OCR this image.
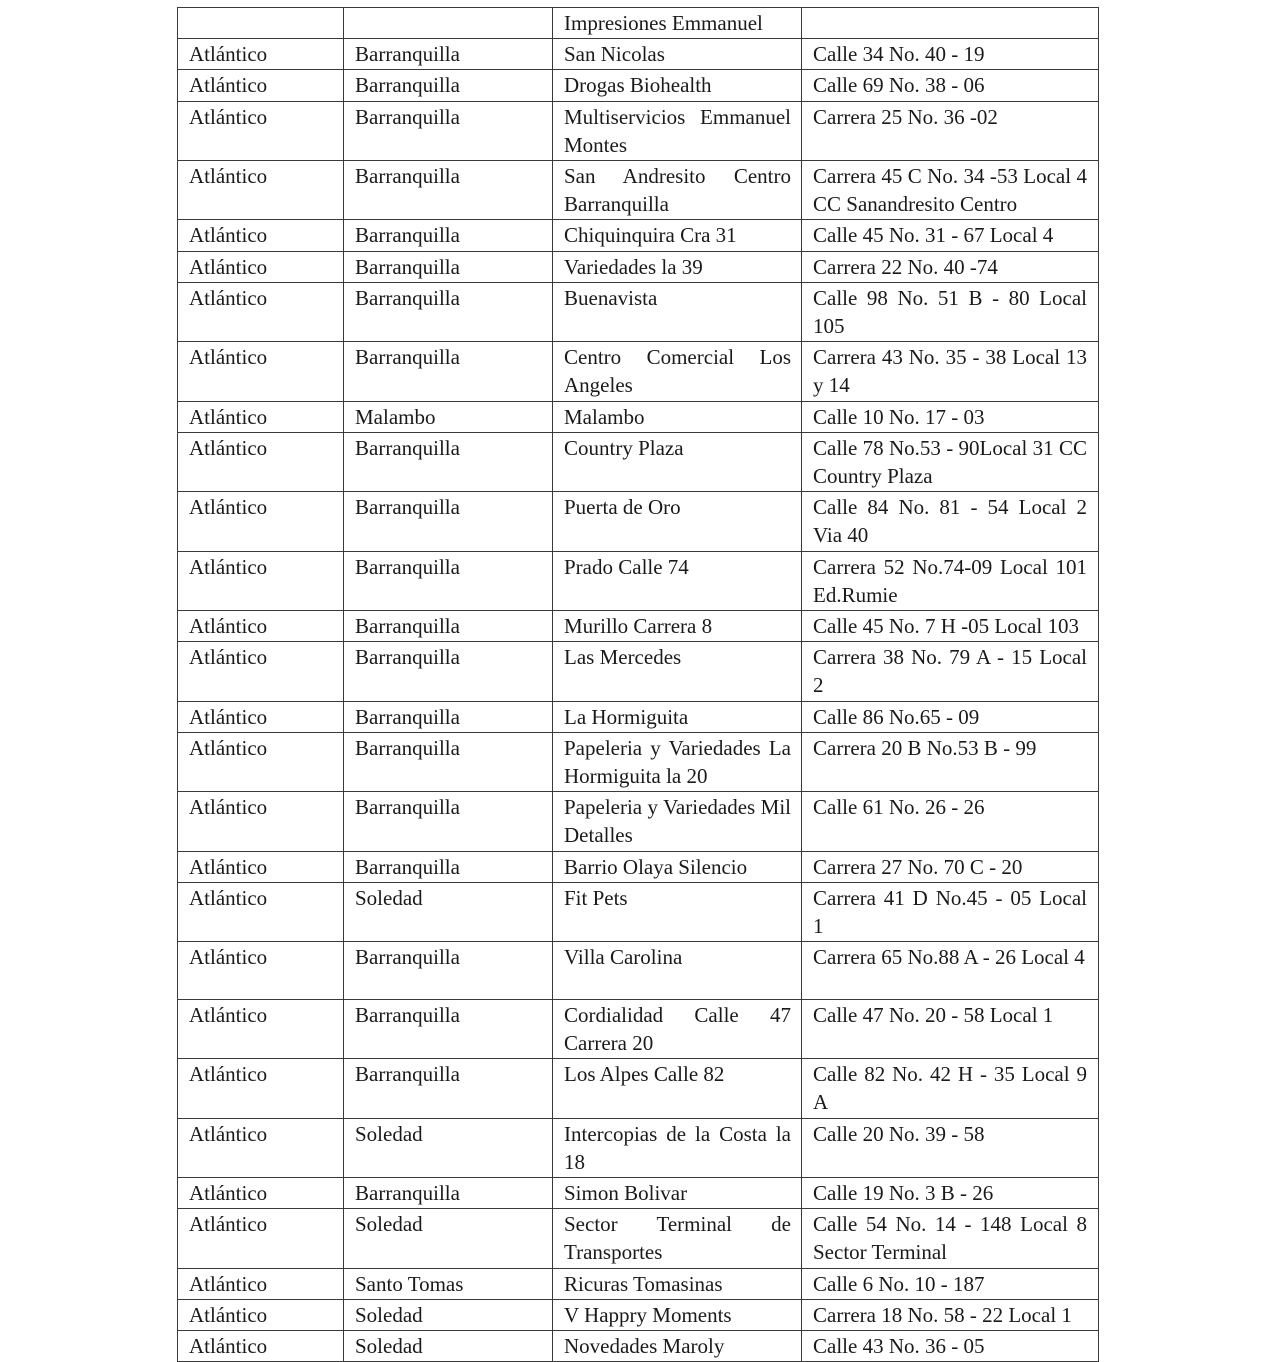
		Impresiones Emmanuel	
Atlántico	Barranquilla	San Nicolas	Calle 34 No. 40 - 19
Atlántico	Barranquilla	Drogas Biohealth	Calle 69 No. 38 - 06
Atlántico	Barranquilla	Multiservicios Emmanuel Montes	Carrera 25 No. 36 -02
Atlántico	Barranquilla	San Andresito Centro Barranquilla	Carrera 45 C No. 34 -53 Local 4 CC Sanandresito Centro
Atlántico	Barranquilla	Chiquinquira Cra 31	Calle 45 No. 31 - 67 Local 4
Atlántico	Barranquilla	Variedades la 39	Carrera 22 No. 40 -74
Atlántico	Barranquilla	Buenavista	Calle 98 No. 51 B - 80 Local 105
Atlántico	Barranquilla	Centro Comercial Los Angeles	Carrera 43 No. 35 - 38 Local 13 y 14
Atlántico	Malambo	Malambo	Calle 10 No. 17 - 03
Atlántico	Barranquilla	Country Plaza	Calle 78 No.53 - 90Local 31 CC Country Plaza
Atlántico	Barranquilla	Puerta de Oro	Calle 84 No. 81 - 54 Local 2 Via 40
Atlántico	Barranquilla	Prado Calle 74	Carrera 52 No.74-09 Local 101 Ed.Rumie
Atlántico	Barranquilla	Murillo Carrera 8	Calle 45 No. 7 H -05 Local 103
Atlántico	Barranquilla	Las Mercedes	Carrera 38 No. 79 A - 15 Local 2
Atlántico	Barranquilla	La Hormiguita	Calle 86 No.65 - 09
Atlántico	Barranquilla	Papeleria y Variedades La Hormiguita la 20	Carrera 20 B No.53 B - 99
Atlántico	Barranquilla	Papeleria y Variedades Mil Detalles	Calle 61 No. 26 - 26
Atlántico	Barranquilla	Barrio Olaya Silencio	Carrera 27 No. 70 C - 20
Atlántico	Soledad	Fit Pets	Carrera 41 D No.45 - 05 Local 1
Atlántico	Barranquilla	Villa Carolina	Carrera 65 No.88 A - 26 Local 4
Atlántico	Barranquilla	Cordialidad Calle 47 Carrera 20	Calle 47 No. 20 - 58 Local 1
Atlántico	Barranquilla	Los Alpes Calle 82	Calle 82 No. 42 H - 35 Local 9 A
Atlántico	Soledad	Intercopias de la Costa la 18	Calle 20 No. 39 - 58
Atlántico	Barranquilla	Simon Bolivar	Calle 19 No. 3 B - 26
Atlántico	Soledad	Sector Terminal de Transportes	Calle 54 No. 14 - 148 Local 8 Sector Terminal
Atlántico	Santo Tomas	Ricuras Tomasinas	Calle 6 No. 10 - 187
Atlántico	Soledad	V Happry Moments	Carrera 18 No. 58 - 22 Local 1
Atlántico	Soledad	Novedades Maroly	Calle 43 No. 36 - 05
